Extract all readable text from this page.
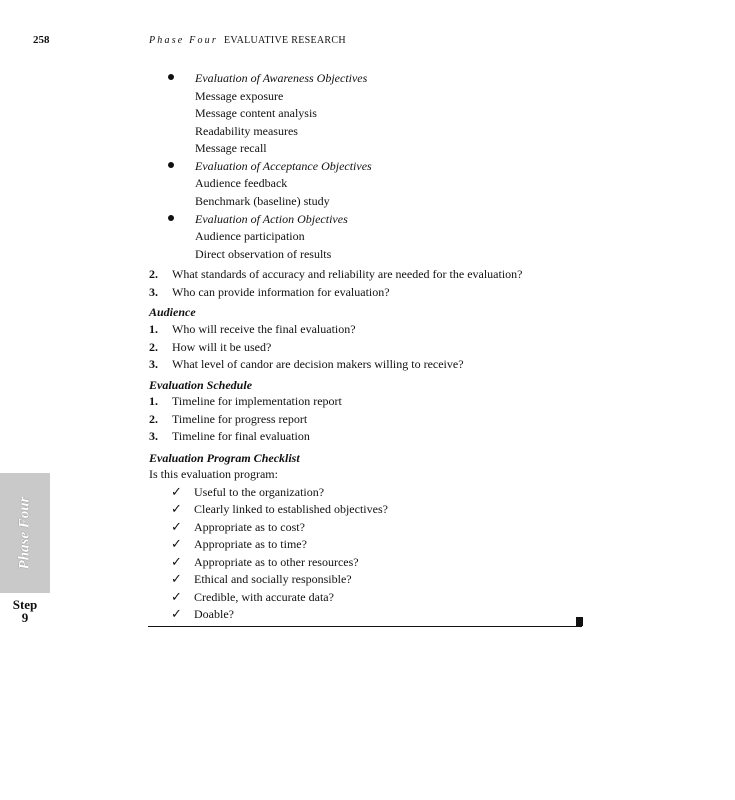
258	Phase Four EVALUATIVE RESEARCH
Evaluation of Awareness Objectives
Message exposure
Message content analysis
Readability measures
Message recall
Evaluation of Acceptance Objectives
Audience feedback
Benchmark (baseline) study
Evaluation of Action Objectives
Audience participation
Direct observation of results
2. What standards of accuracy and reliability are needed for the evaluation?
3. Who can provide information for evaluation?
Audience
1. Who will receive the final evaluation?
2. How will it be used?
3. What level of candor are decision makers willing to receive?
Evaluation Schedule
1. Timeline for implementation report
2. Timeline for progress report
3. Timeline for final evaluation
Evaluation Program Checklist
Is this evaluation program:
✓ Useful to the organization?
✓ Clearly linked to established objectives?
✓ Appropriate as to cost?
✓ Appropriate as to time?
✓ Appropriate as to other resources?
✓ Ethical and socially responsible?
✓ Credible, with accurate data?
✓ Doable?
Phase Four
Step
9
